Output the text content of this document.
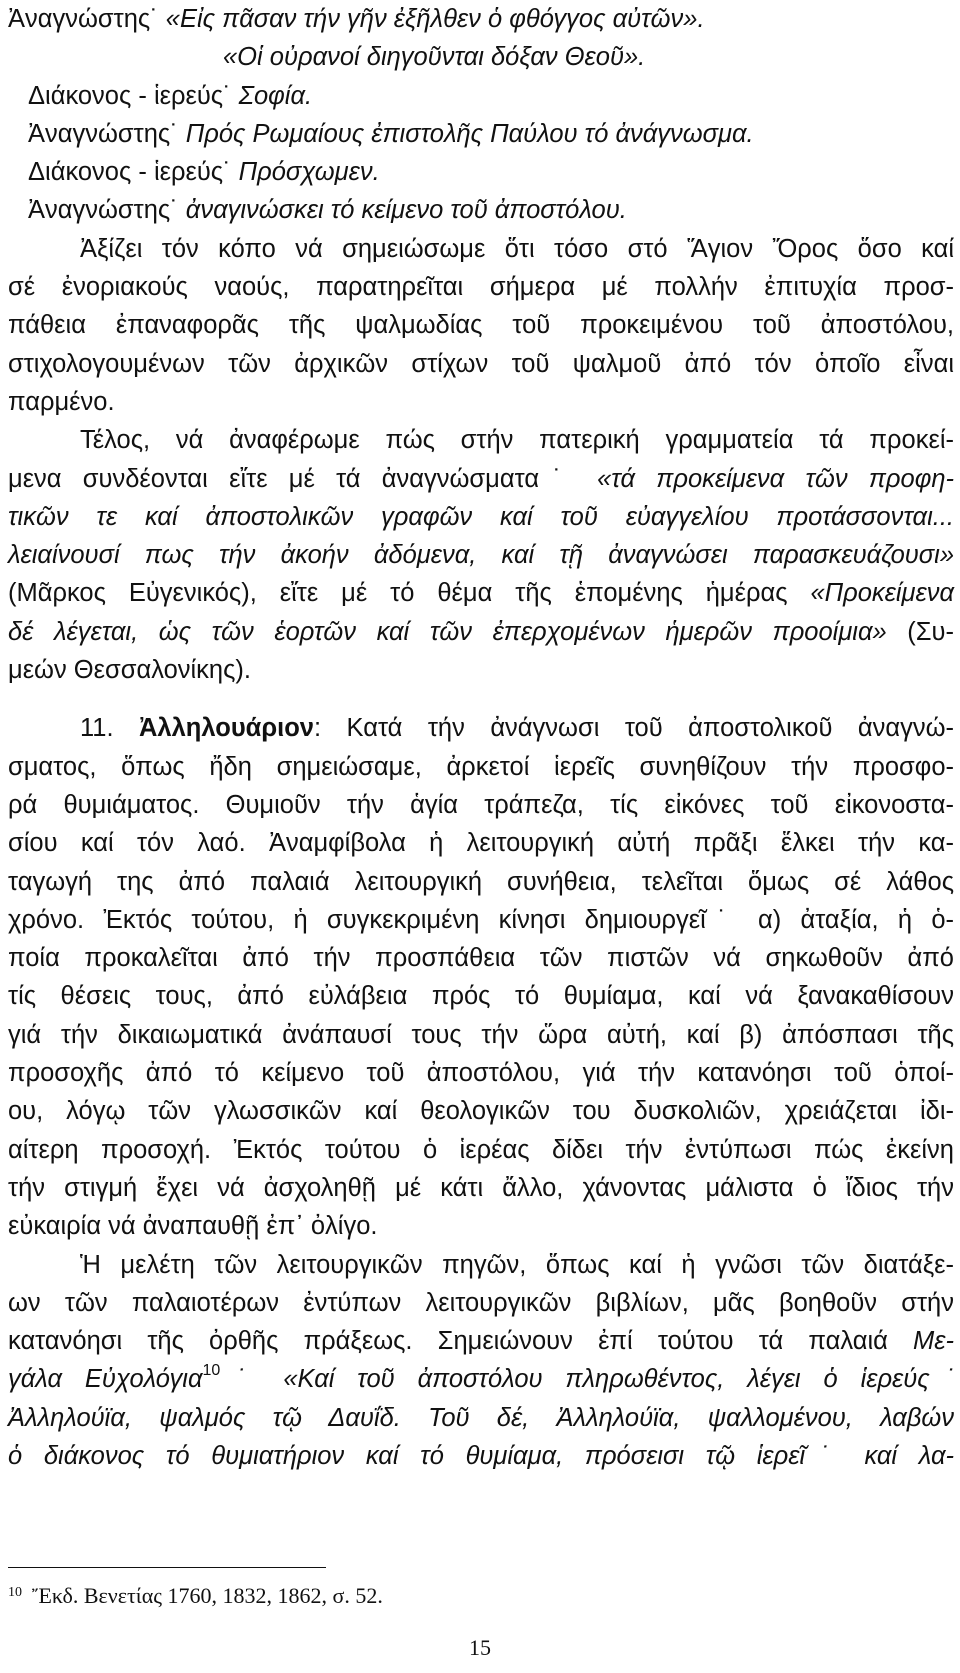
Ἀναγνώστης˙ «Εἰς πᾶσαν τήν γῆν ἐξῆλθεν ὁ φθόγγος αὐτῶν».
«Οἱ οὐρανοί διηγοῦνται δόξαν Θεοῦ».
Διάκονος - ἱερεύς˙ Σοφία.
Ἀναγνώστης˙ Πρός Ρωμαίους ἐπιστολῆς Παύλου τό ἀνάγνωσμα.
Διάκονος - ἱερεύς˙ Πρόσχωμεν.
Ἀναγνώστης˙ ἀναγινώσκει τό κείμενο τοῦ ἀποστόλου.
Ἀξίζει τόν κόπο νά σημειώσωμε ὅτι τόσο στό Ἅγιον Ὄρος ὅσο καί
σέ ἐνοριακούς ναούς, παρατηρεῖται σήμερα μέ πολλήν ἐπιτυχία προσ-
πάθεια ἐπαναφορᾶς τῆς ψαλμωδίας τοῦ προκειμένου τοῦ ἀποστόλου,
στιχολογουμένων τῶν ἀρχικῶν στίχων τοῦ ψαλμοῦ ἀπό τόν ὁποῖο εἶναι
παρμένο.
Τέλος, νά ἀναφέρωμε πώς στήν πατερική γραμματεία τά προκεί-
μενα συνδέονται εἴτε μέ τά ἀναγνώσματα˙ «τά προκείμενα τῶν προφη-
τικῶν τε καί ἀποστολικῶν γραφῶν καί τοῦ εὐαγγελίου προτάσσονται...
λειαίνουσί πως τήν ἀκοήν ἀδόμενα, καί τῇ ἀναγνώσει παρασκευάζουσι»
(Μᾶρκος Εὐγενικός), εἴτε μέ τό θέμα τῆς ἑπομένης ἡμέρας «Προκείμενα
δέ λέγεται, ὡς τῶν ἑορτῶν καί τῶν ἐπερχομένων ἡμερῶν προοίμια» (Συ-
μεών Θεσσαλονίκης).
11. Ἀλληλουάριον: Κατά τήν ἀνάγνωσι τοῦ ἀποστολικοῦ ἀναγνώ-
σματος, ὅπως ἤδη σημειώσαμε, ἀρκετοί ἱερεῖς συνηθίζουν τήν προσφο-
ρά θυμιάματος. Θυμιοῦν τήν ἁγία τράπεζα, τίς εἰκόνες τοῦ εἰκονοστα-
σίου καί τόν λαό. Ἀναμφίβολα ἡ λειτουργική αὐτή πρᾶξι ἕλκει τήν κα-
ταγωγή της ἀπό παλαιά λειτουργική συνήθεια, τελεῖται ὅμως σέ λάθος
χρόνο. Ἐκτός τούτου, ἡ συγκεκριμένη κίνησι δημιουργεῖ˙ α) ἀταξία, ἡ ὁ-
ποία προκαλεῖται ἀπό τήν προσπάθεια τῶν πιστῶν νά σηκωθοῦν ἀπό
τίς θέσεις τους, ἀπό εὐλάβεια πρός τό θυμίαμα, καί νά ξανακαθίσουν
γιά τήν δικαιωματικά ἀνάπαυσί τους τήν ὥρα αὐτή, καί β) ἀπόσπασι τῆς
προσοχῆς ἀπό τό κείμενο τοῦ ἀποστόλου, γιά τήν κατανόησι τοῦ ὁποί-
ου, λόγῳ τῶν γλωσσικῶν καί θεολογικῶν του δυσκολιῶν, χρειάζεται ἰδι-
αίτερη προσοχή. Ἐκτός τούτου ὁ ἱερέας δίδει τήν ἐντύπωσι πώς ἐκείνη
τήν στιγμή ἔχει νά ἀσχοληθῇ μέ κάτι ἄλλο, χάνοντας μάλιστα ὁ ἴδιος τήν
εὐκαιρία νά ἀναπαυθῇ ἐπ᾽ ὀλίγο.
Ἡ μελέτη τῶν λειτουργικῶν πηγῶν, ὅπως καί ἡ γνῶσι τῶν διατάξε-
ων τῶν παλαιοτέρων ἐντύπων λειτουργικῶν βιβλίων, μᾶς βοηθοῦν στήν
κατανόησι τῆς ὀρθῆς πράξεως. Σημειώνουν ἐπί τούτου τά παλαιά Με-
γάλα Εὐχολόγια$^{10}$˙ «Καί τοῦ ἀποστόλου πληρωθέντος, λέγει ὁ ἱερεύς˙
Ἀλληλούϊα, ψαλμός τῷ Δαυΐδ. Τοῦ δέ, Ἀλληλούϊα, ψαλλομένου, λαβών
ὁ διάκονος τό θυμιατήριον καί τό θυμίαμα, πρόσεισι τῷ ἱερεῖ˙ καί λα-
$^{10}$ Ἔκδ. Βενετίας 1760, 1832, 1862, σ. 52.
15
